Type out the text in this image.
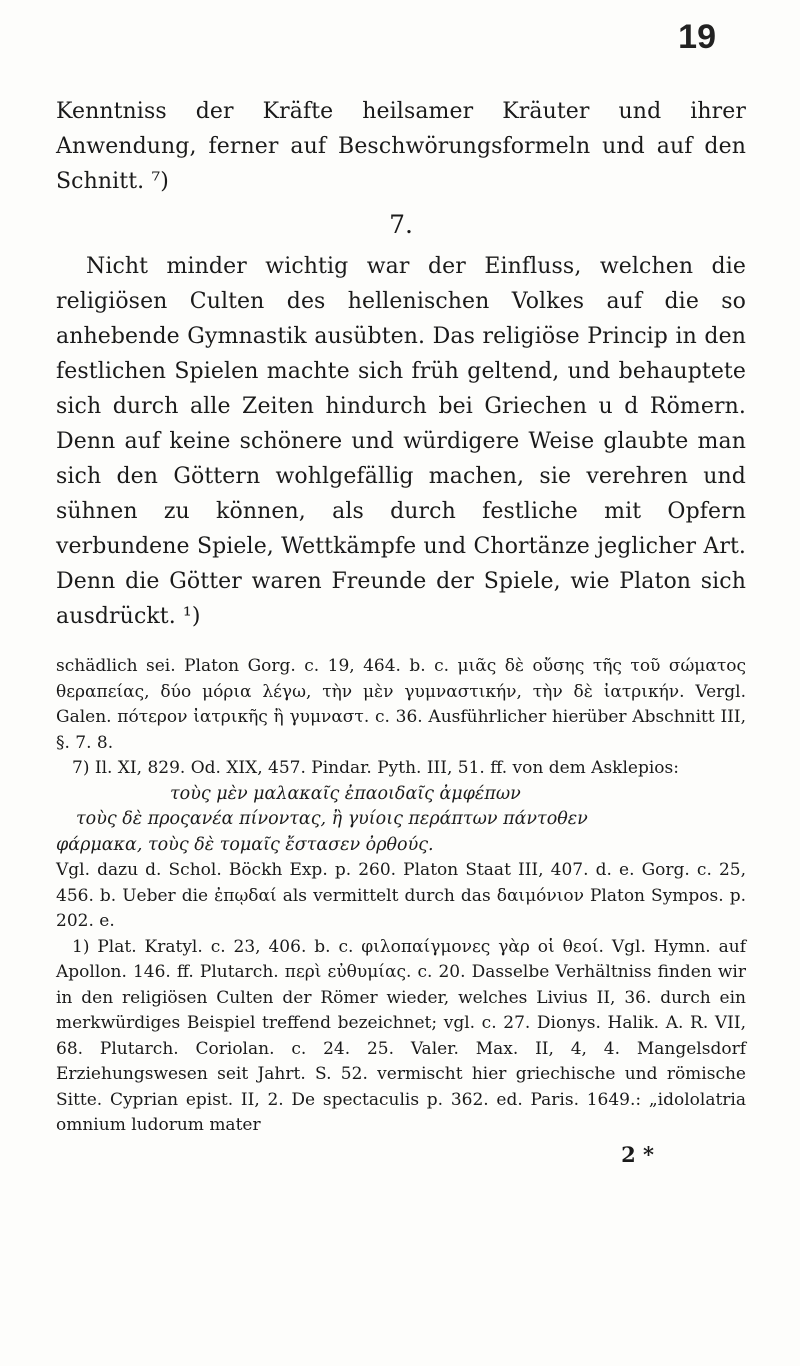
19

Kenntniss der Kräfte heilsamer Kräuter und ihrer Anwendung, ferner auf Beschwörungsformeln und auf den Schnitt. ⁷)

7.

Nicht minder wichtig war der Einfluss, welchen die religiösen Culten des hellenischen Volkes auf die so anhebende Gymnastik ausübten. Das religiöse Princip in den festlichen Spielen machte sich früh geltend, und behauptete sich durch alle Zeiten hindurch bei Griechen u d Römern. Denn auf keine schönere und würdigere Weise glaubte man sich den Göttern wohlgefällig machen, sie verehren und sühnen zu können, als durch festliche mit Opfern verbundene Spiele, Wettkämpfe und Chortänze jeglicher Art. Denn die Götter waren Freunde der Spiele, wie Platon sich ausdrückt. ¹)

schädlich sei. Platon Gorg. c. 19, 464. b. c. μιᾶς δὲ οὔσης τῆς τοῦ σώματος θεραπείας, δύο μόρια λέγω, τὴν μὲν γυμναστικήν, τὴν δὲ ἰατρικήν. Vergl. Galen. πότερον ἰατρικῆς ἢ γυμναστ. c. 36. Ausführlicher hierüber Abschnitt III, §. 7. 8.

7) Il. XI, 829. Od. XIX, 457. Pindar. Pyth. III, 51. ff. von dem Asklepios:

τοὺς μὲν μαλακαῖς ἐπαοιδαῖς ἀμφέπων
τοὺς δὲ προςανέα πίνοντας, ἢ γυίοις περάπτων πάντοθεν
φάρμακα, τοὺς δὲ τομαῖς ἔστασεν ὀρθούς.

Vgl. dazu d. Schol. Böckh Exp. p. 260. Platon Staat III, 407. d. e. Gorg. c. 25, 456. b. Ueber die ἐπῳδαί als vermittelt durch das δαιμόνιον Platon Sympos. p. 202. e.

1) Plat. Kratyl. c. 23, 406. b. c. φιλοπαίγμονες γὰρ οἱ θεοί. Vgl. Hymn. auf Apollon. 146. ff. Plutarch. περὶ εὐθυμίας. c. 20. Dasselbe Verhältniss finden wir in den religiösen Culten der Römer wieder, welches Livius II, 36. durch ein merkwürdiges Beispiel treffend bezeichnet; vgl. c. 27. Dionys. Halik. A. R. VII, 68. Plutarch. Coriolan. c. 24. 25. Valer. Max. II, 4, 4. Mangelsdorf Erziehungswesen seit Jahrt. S. 52. vermischt hier griechische und römische Sitte. Cyprian epist. II, 2. De spectaculis p. 362. ed. Paris. 1649.: „idololatria omnium ludorum mater

2 *
